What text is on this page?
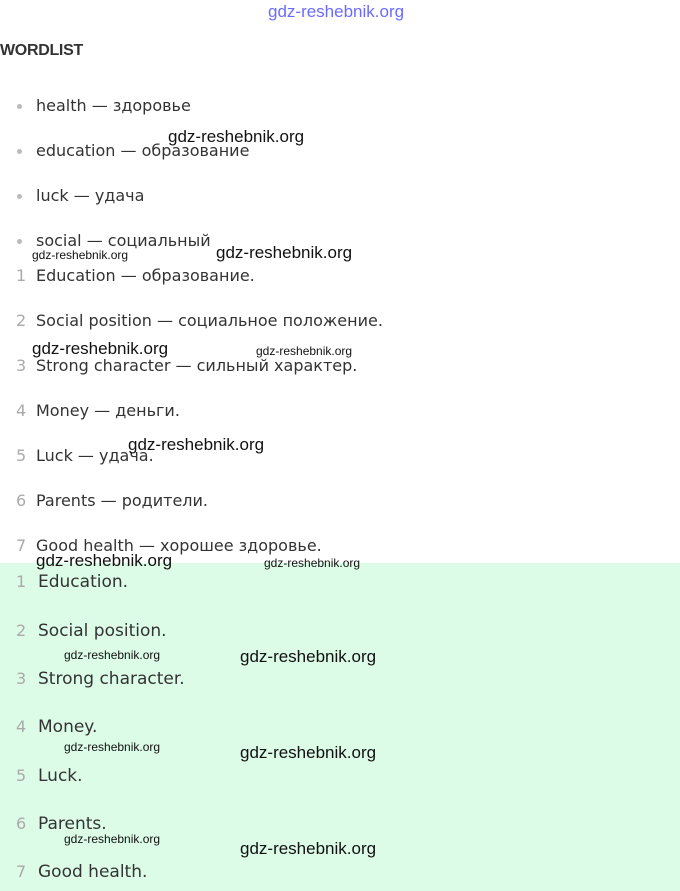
gdz-reshebnik.org
WORDLIST
health — здоровье
education — образование
luck — удача
social — социальный
1 Education — образование.
2 Social position — социальное положение.
3 Strong character — сильный характер.
4 Money — деньги.
5 Luck — удача.
6 Parents — родители.
7 Good health — хорошее здоровье.
1 Education.
2 Social position.
3 Strong character.
4 Money.
5 Luck.
6 Parents.
7 Good health.
gdz-reshebnik.org
gdz-reshebnik.org
gdz-reshebnik.org
gdz-reshebnik.org	gdz-reshebnik.org
gdz-reshebnik.org
gdz-reshebnik.org	gdz-reshebnik.org
gdz-reshebnik.org	gdz-reshebnik.org
gdz-reshebnik.org	gdz-reshebnik.org
gdz-reshebnik.org	gdz-reshebnik.org
